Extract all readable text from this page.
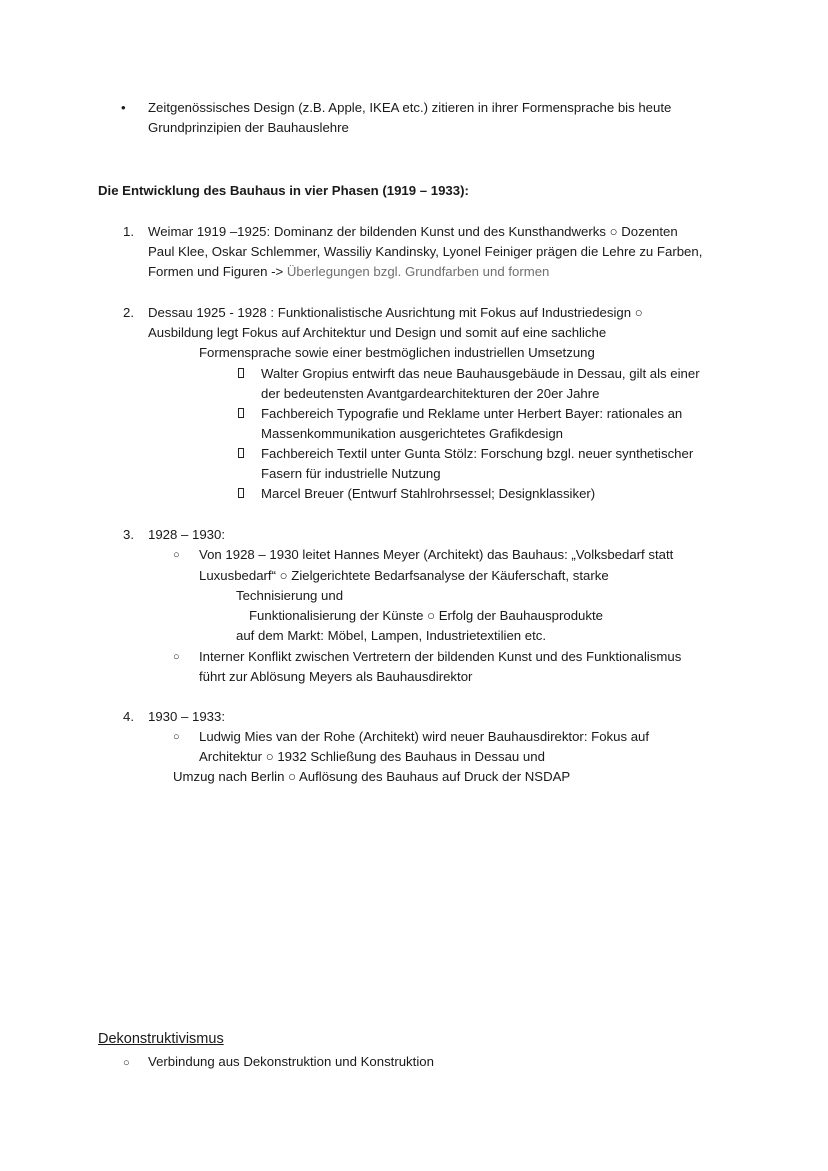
• Zeitgenössisches Design (z.B. Apple, IKEA etc.) zitieren in ihrer Formensprache bis heute
Grundprinzipien der Bauhauslehre
Die Entwicklung des Bauhaus in vier Phasen (1919 – 1933):
1. Weimar 1919 –1925: Dominanz der bildenden Kunst und des Kunsthandwerks ○ Dozenten
Paul Klee, Oskar Schlemmer, Wassiliy Kandinsky, Lyonel Feiniger prägen die Lehre zu Farben,
Formen und Figuren -> Überlegungen bzgl. Grundfarben und formen
2. Dessau 1925 - 1928 : Funktionalistische Ausrichtung mit Fokus auf Industriedesign ○
Ausbildung legt Fokus auf Architektur und Design und somit auf eine sachliche
Formensprache sowie einer bestmöglichen industriellen Umsetzung
Walter Gropius entwirft das neue Bauhausgebäude in Dessau, gilt als einer
der bedeutensten Avantgardearchitekturen der 20er Jahre
Fachbereich Typografie und Reklame unter Herbert Bayer: rationales an
Massenkommunikation ausgerichtetes Grafikdesign
Fachbereich Textil unter Gunta Stölz: Forschung bzgl. neuer synthetischer
Fasern für industrielle Nutzung
Marcel Breuer (Entwurf Stahlrohrsessel; Designklassiker)
3. 1928 – 1930:
○ Von 1928 – 1930 leitet Hannes Meyer (Architekt) das Bauhaus: „Volksbedarf statt
Luxusbedarf“ ○ Zielgerichtete Bedarfsanalyse der Käuferschaft, starke
Technisierung und
Funktionalisierung der Künste ○ Erfolg der Bauhausprodukte
auf dem Markt: Möbel, Lampen, Industrietextilien etc.
○ Interner Konflikt zwischen Vertretern der bildenden Kunst und des Funktionalismus
führt zur Ablösung Meyers als Bauhausdirektor
4. 1930 – 1933:
○ Ludwig Mies van der Rohe (Architekt) wird neuer Bauhausdirektor: Fokus auf
Architektur ○ 1932 Schließung des Bauhaus in Dessau und
Umzug nach Berlin ○ Auflösung des Bauhaus auf Druck der NSDAP
Dekonstruktivismus
○ Verbindung aus Dekonstruktion und Konstruktion
